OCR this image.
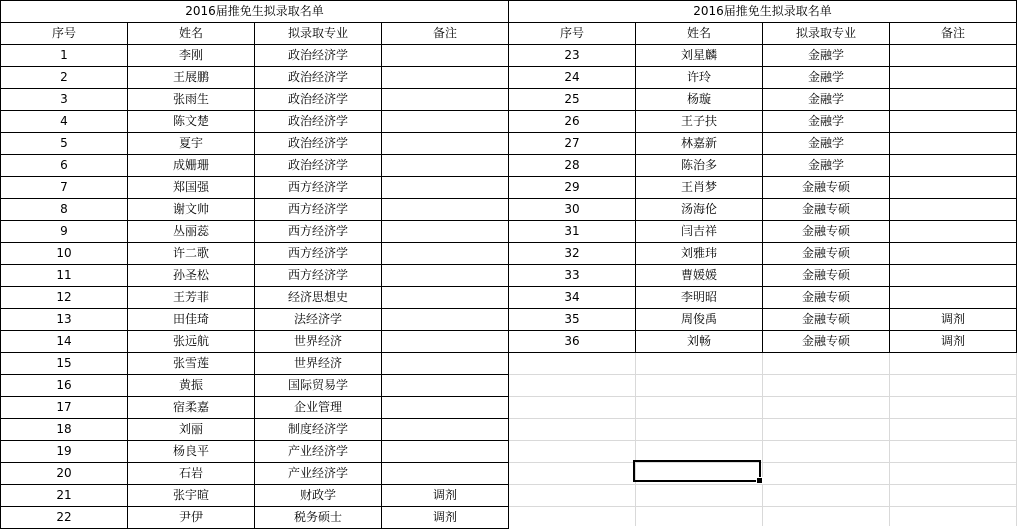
2016届推免生拟录取名单			
序号	姓名	拟录取专业	备注
1	李刚	政治经济学	
2	王展鹏	政治经济学	
3	张雨生	政治经济学	
4	陈文楚	政治经济学	
5	夏宇	政治经济学	
6	成姗珊	政治经济学	
7	郑国强	西方经济学	
8	谢文帅	西方经济学	
9	丛丽蕊	西方经济学	
10	许二歌	西方经济学	
11	孙圣松	西方经济学	
12	王芳菲	经济思想史	
13	田佳琦	法经济学	
14	张远航	世界经济	
15	张雪莲	世界经济	
16	黄振	国际贸易学	
17	宿柔嘉	企业管理	
18	刘丽	制度经济学	
19	杨良平	产业经济学	
20	石岩	产业经济学	
21	张宇暄	财政学	调剂
22	尹伊	税务硕士	调剂
2016届推免生拟录取名单			
序号	姓名	拟录取专业	备注
23	刘星麟	金融学	
24	许玲	金融学	
25	杨璇	金融学	
26	王子扶	金融学	
27	林嘉新	金融学	
28	陈治多	金融学	
29	王肖梦	金融专硕	
30	汤海伦	金融专硕	
31	闫吉祥	金融专硕	
32	刘雅玮	金融专硕	
33	曹媛媛	金融专硕	
34	李明昭	金融专硕	
35	周俊禹	金融专硕	调剂
36	刘畅	金融专硕	调剂
